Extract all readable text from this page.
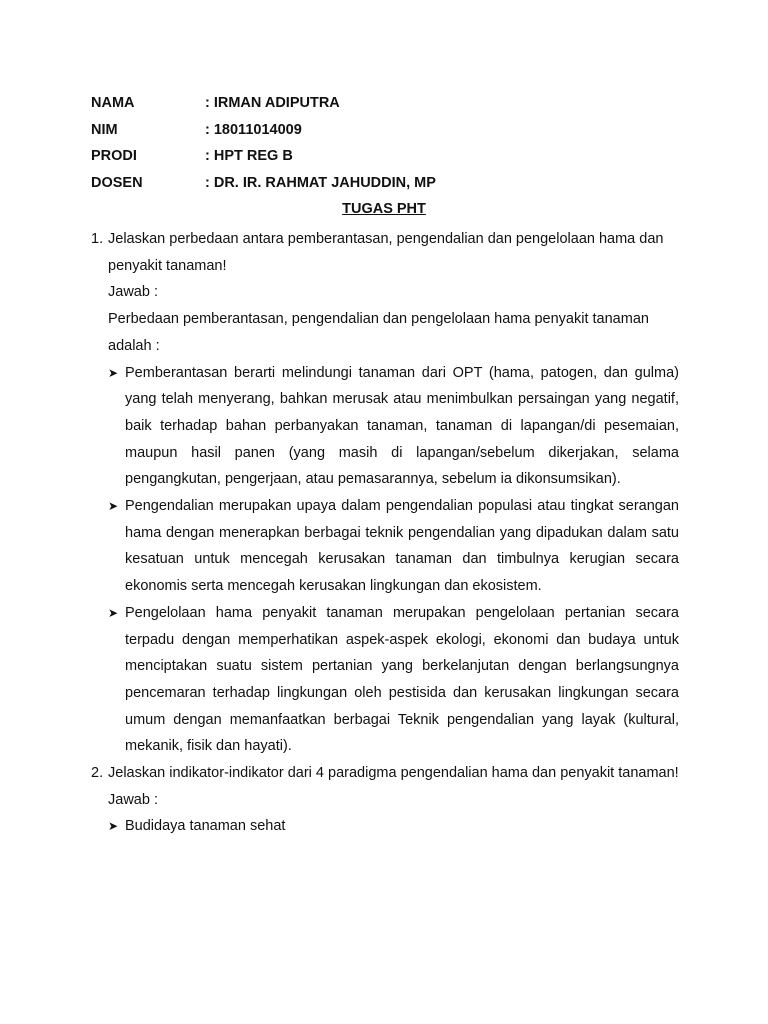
NAMA	: IRMAN ADIPUTRA
NIM	: 18011014009
PRODI	: HPT REG B
DOSEN	: DR. IR. RAHMAT JAHUDDIN, MP
TUGAS PHT
1. Jelaskan perbedaan antara pemberantasan, pengendalian dan pengelolaan hama dan penyakit tanaman!
Jawab :
Perbedaan pemberantasan, pengendalian dan pengelolaan hama penyakit tanaman adalah :
➤ Pemberantasan berarti melindungi tanaman dari OPT (hama, patogen, dan gulma) yang telah menyerang, bahkan merusak atau menimbulkan persaingan yang negatif, baik terhadap bahan perbanyakan tanaman, tanaman di lapangan/di pesemaian, maupun hasil panen (yang masih di lapangan/sebelum dikerjakan, selama pengangkutan, pengerjaan, atau pemasarannya, sebelum ia dikonsumsikan).
➤ Pengendalian merupakan upaya dalam pengendalian populasi atau tingkat serangan hama dengan menerapkan berbagai teknik pengendalian yang dipadukan dalam satu kesatuan untuk mencegah kerusakan tanaman dan timbulnya kerugian secara ekonomis serta mencegah kerusakan lingkungan dan ekosistem.
➤ Pengelolaan hama penyakit tanaman merupakan pengelolaan pertanian secara terpadu dengan memperhatikan aspek-aspek ekologi, ekonomi dan budaya untuk menciptakan suatu sistem pertanian yang berkelanjutan dengan berlangsungnya pencemaran terhadap lingkungan oleh pestisida dan kerusakan lingkungan secara umum dengan memanfaatkan berbagai Teknik pengendalian yang layak (kultural, mekanik, fisik dan hayati).
2. Jelaskan indikator-indikator dari 4 paradigma pengendalian hama dan penyakit tanaman!
Jawab :
➤ Budidaya tanaman sehat
